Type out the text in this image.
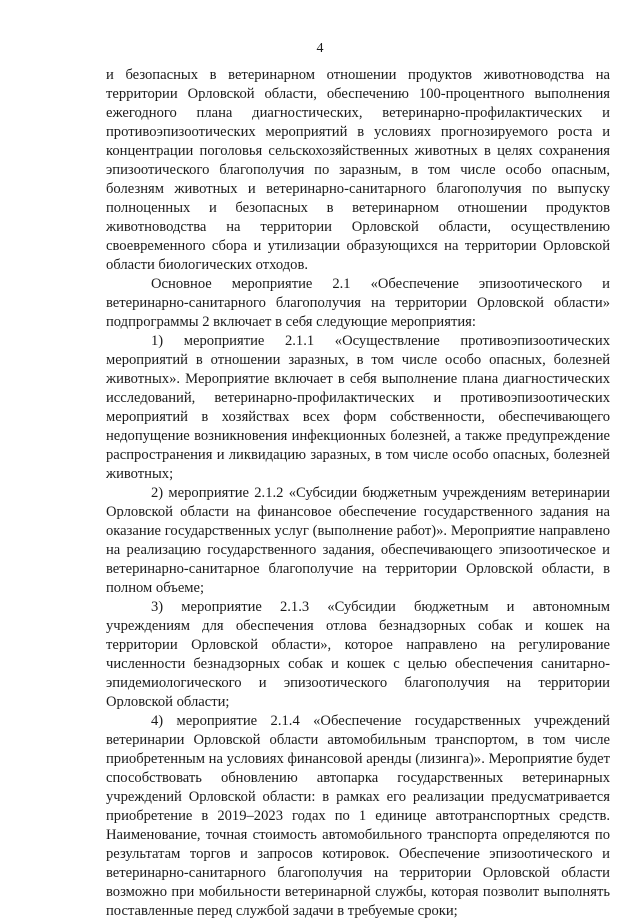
4

и безопасных в ветеринарном отношении продуктов животноводства на территории Орловской области, обеспечению 100-процентного выполнения ежегодного плана диагностических, ветеринарно-профилактических и противоэпизоотических мероприятий в условиях прогнозируемого роста и концентрации поголовья сельскохозяйственных животных в целях сохранения эпизоотического благополучия по заразным, в том числе особо опасным, болезням животных и ветеринарно-санитарного благополучия по выпуску полноценных и безопасных в ветеринарном отношении продуктов животноводства на территории Орловской области, осуществлению своевременного сбора и утилизации образующихся на территории Орловской области биологических отходов.

Основное мероприятие 2.1 «Обеспечение эпизоотического и ветеринарно-санитарного благополучия на территории Орловской области» подпрограммы 2 включает в себя следующие мероприятия:

1) мероприятие 2.1.1 «Осуществление противоэпизоотических мероприятий в отношении заразных, в том числе особо опасных, болезней животных». Мероприятие включает в себя выполнение плана диагностических исследований, ветеринарно-профилактических и противоэпизоотических мероприятий в хозяйствах всех форм собственности, обеспечивающего недопущение возникновения инфекционных болезней, а также предупреждение распространения и ликвидацию заразных, в том числе особо опасных, болезней животных;

2) мероприятие 2.1.2 «Субсидии бюджетным учреждениям ветеринарии Орловской области на финансовое обеспечение государственного задания на оказание государственных услуг (выполнение работ)». Мероприятие направлено на реализацию государственного задания, обеспечивающего эпизоотическое и ветеринарно-санитарное благополучие на территории Орловской области, в полном объеме;

3) мероприятие 2.1.3 «Субсидии бюджетным и автономным учреждениям для обеспечения отлова безнадзорных собак и кошек на территории Орловской области», которое направлено на регулирование численности безнадзорных собак и кошек с целью обеспечения санитарно-эпидемиологического и эпизоотического благополучия на территории Орловской области;

4) мероприятие 2.1.4 «Обеспечение государственных учреждений ветеринарии Орловской области автомобильным транспортом, в том числе приобретенным на условиях финансовой аренды (лизинга)». Мероприятие будет способствовать обновлению автопарка государственных ветеринарных учреждений Орловской области: в рамках его реализации предусматривается приобретение в 2019–2023 годах по 1 единице автотранспортных средств. Наименование, точная стоимость автомобильного транспорта определяются по результатам торгов и запросов котировок. Обеспечение эпизоотического и ветеринарно-санитарного благополучия на территории Орловской области возможно при мобильности ветеринарной службы, которая позволит выполнять поставленные перед службой задачи в требуемые сроки;
